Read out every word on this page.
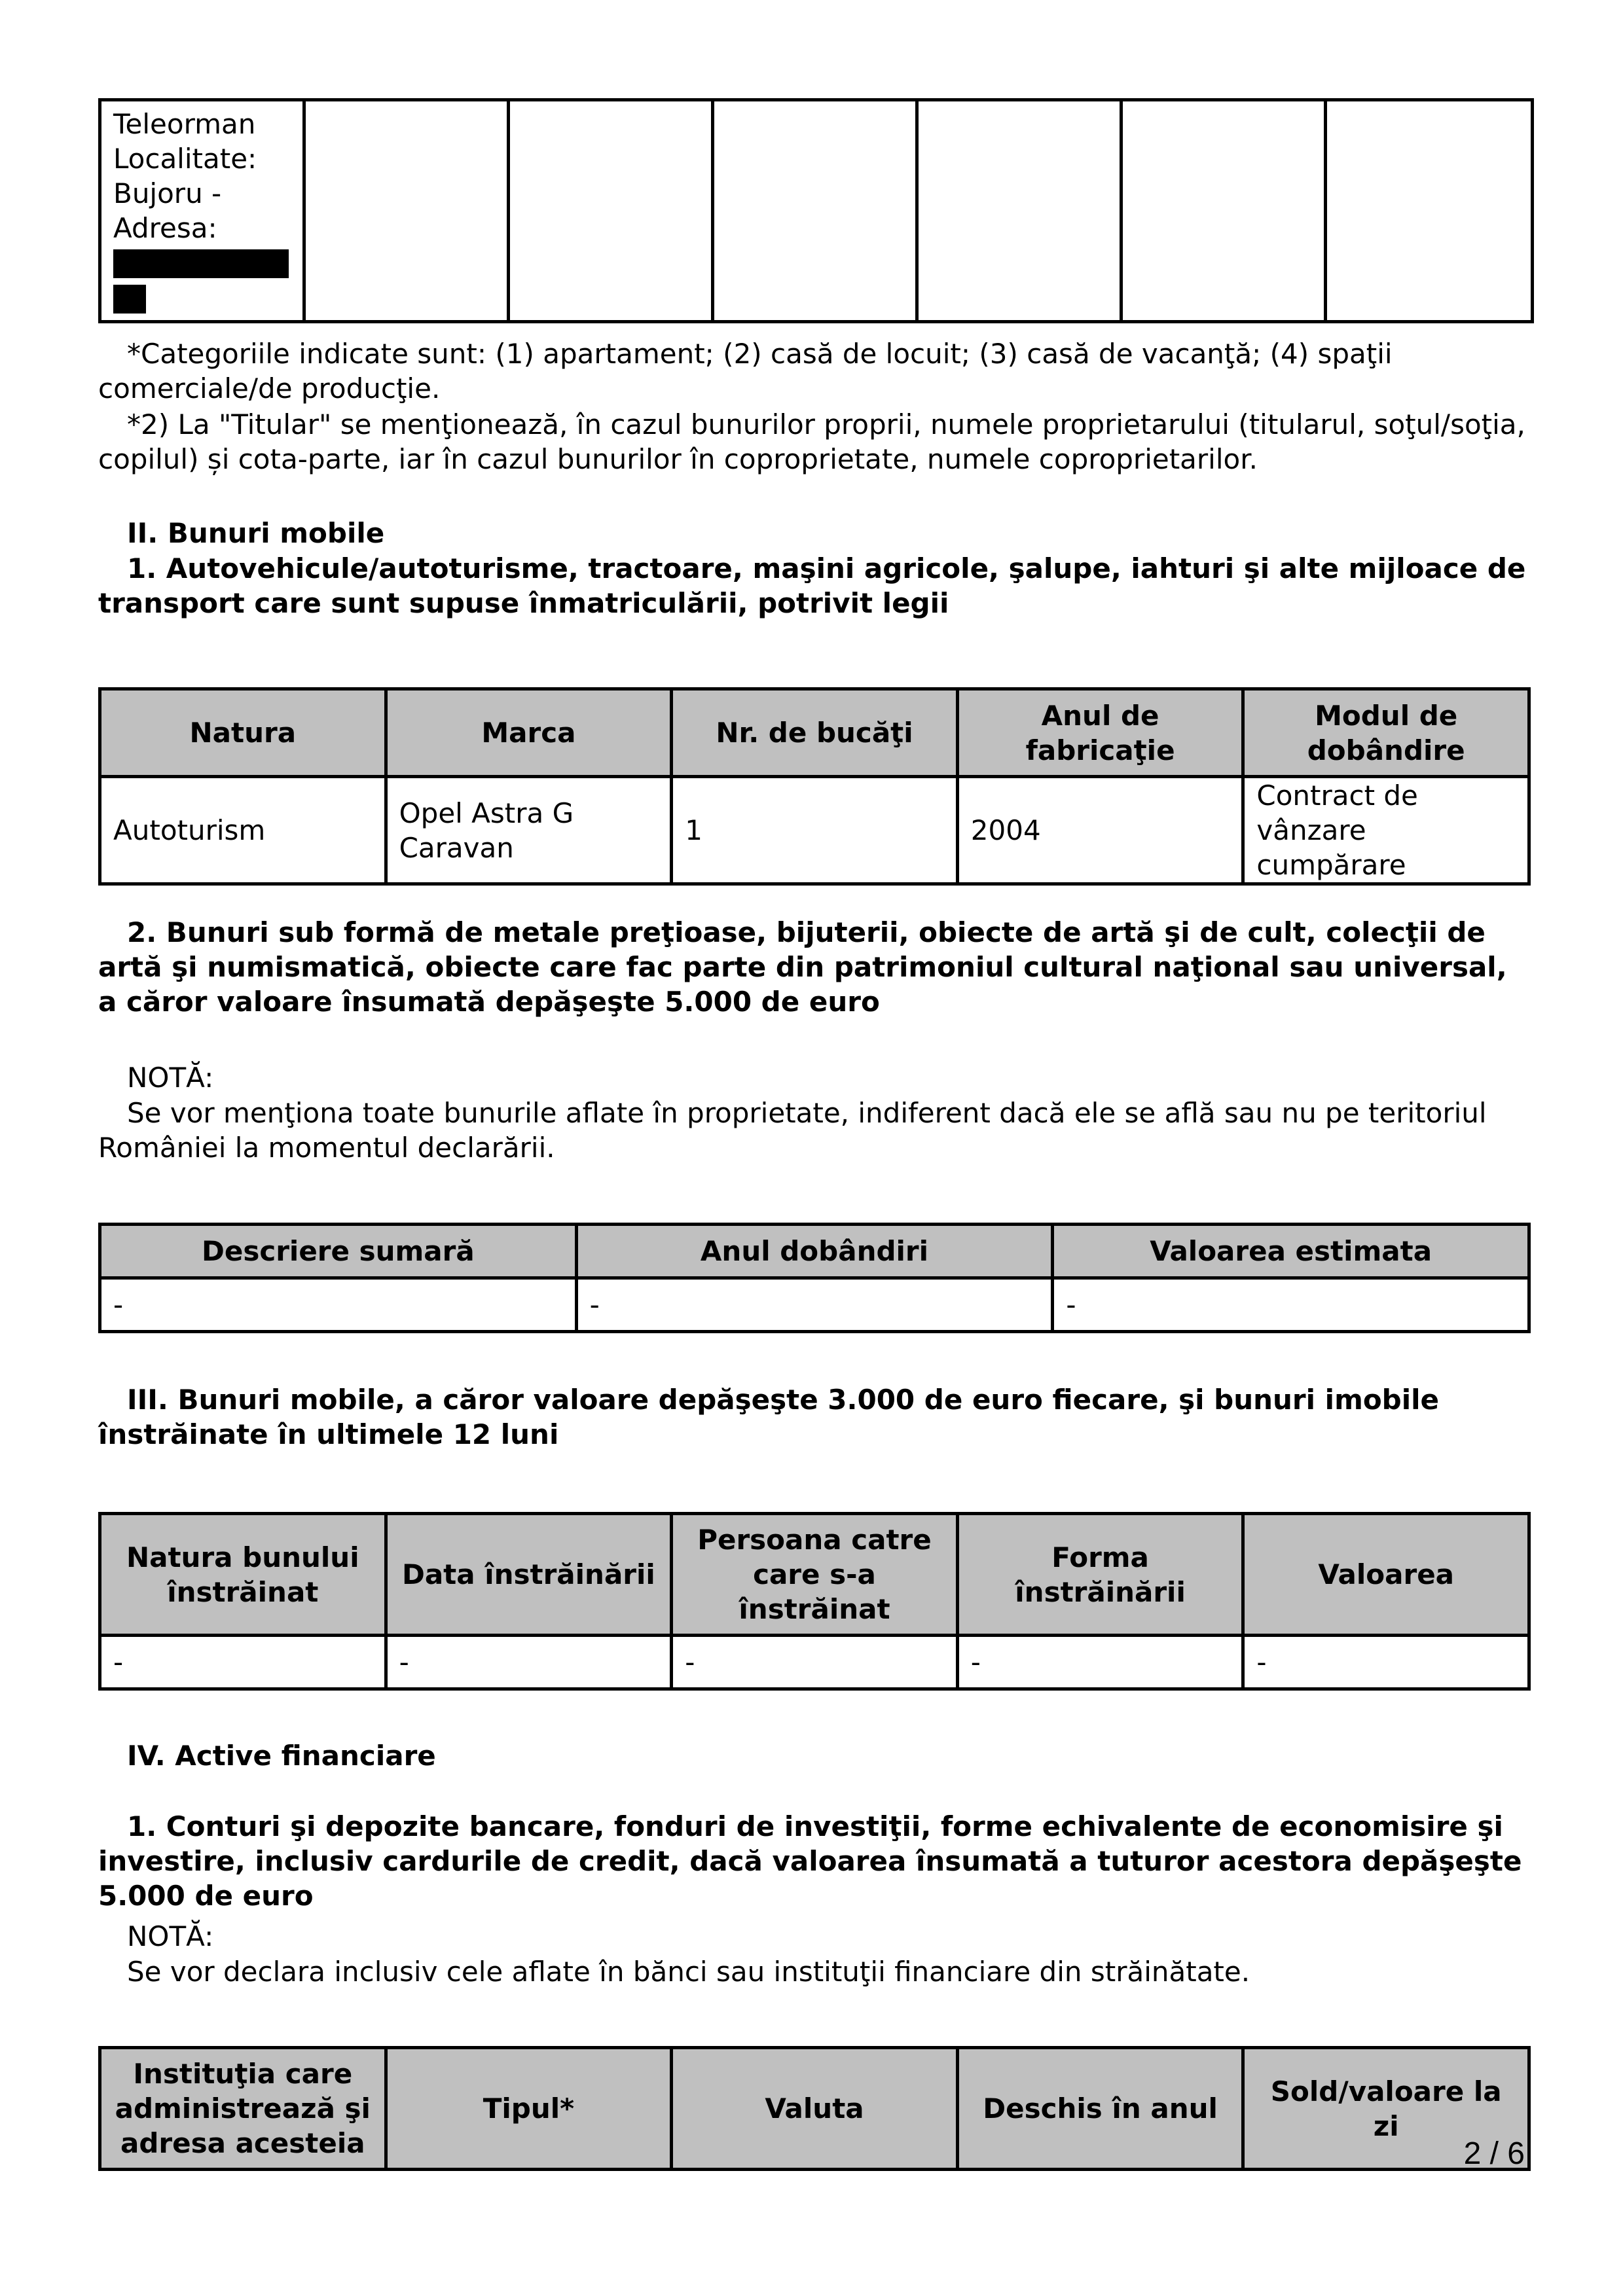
Teleorman
Localitate:
Bujoru -
Adresa:

*Categoriile indicate sunt: (1) apartament; (2) casă de locuit; (3) casă de vacanţă; (4) spaţii comerciale/de producţie.

*2) La "Titular" se menţionează, în cazul bunurilor proprii, numele proprietarului (titularul, soţul/soţia, copilul) și cota-parte, iar în cazul bunurilor în coproprietate, numele coproprietarilor.

II. Bunuri mobile

1. Autovehicule/autoturisme, tractoare, maşini agricole, şalupe, iahturi şi alte mijloace de transport care sunt supuse înmatriculării, potrivit legii

Natura	Marca	Nr. de bucăţi	Anul de fabricaţie	Modul de dobândire
Autoturism	Opel Astra G Caravan	1	2004	Contract de vânzare cumpărare

2. Bunuri sub formă de metale preţioase, bijuterii, obiecte de artă şi de cult, colecţii de artă şi numismatică, obiecte care fac parte din patrimoniul cultural naţional sau universal, a căror valoare însumată depăşeşte 5.000 de euro

NOTĂ:

Se vor menţiona toate bunurile aflate în proprietate, indiferent dacă ele se află sau nu pe teritoriul României la momentul declarării.

Descriere sumară	Anul dobândiri	Valoarea estimata
-	-	-

III. Bunuri mobile, a căror valoare depăşeşte 3.000 de euro fiecare, şi bunuri imobile înstrăinate în ultimele 12 luni

Natura bunului înstrăinat	Data înstrăinării	Persoana catre care s-a înstrăinat	Forma înstrăinării	Valoarea
-	-	-	-	-

IV. Active financiare

1. Conturi şi depozite bancare, fonduri de investiţii, forme echivalente de economisire şi investire, inclusiv cardurile de credit, dacă valoarea însumată a tuturor acestora depăşeşte 5.000 de euro

NOTĂ:

Se vor declara inclusiv cele aflate în bănci sau instituţii financiare din străinătate.

Instituţia care administrează şi adresa acesteia	Tipul*	Valuta	Deschis în anul	Sold/valoare la zi
2 / 6
